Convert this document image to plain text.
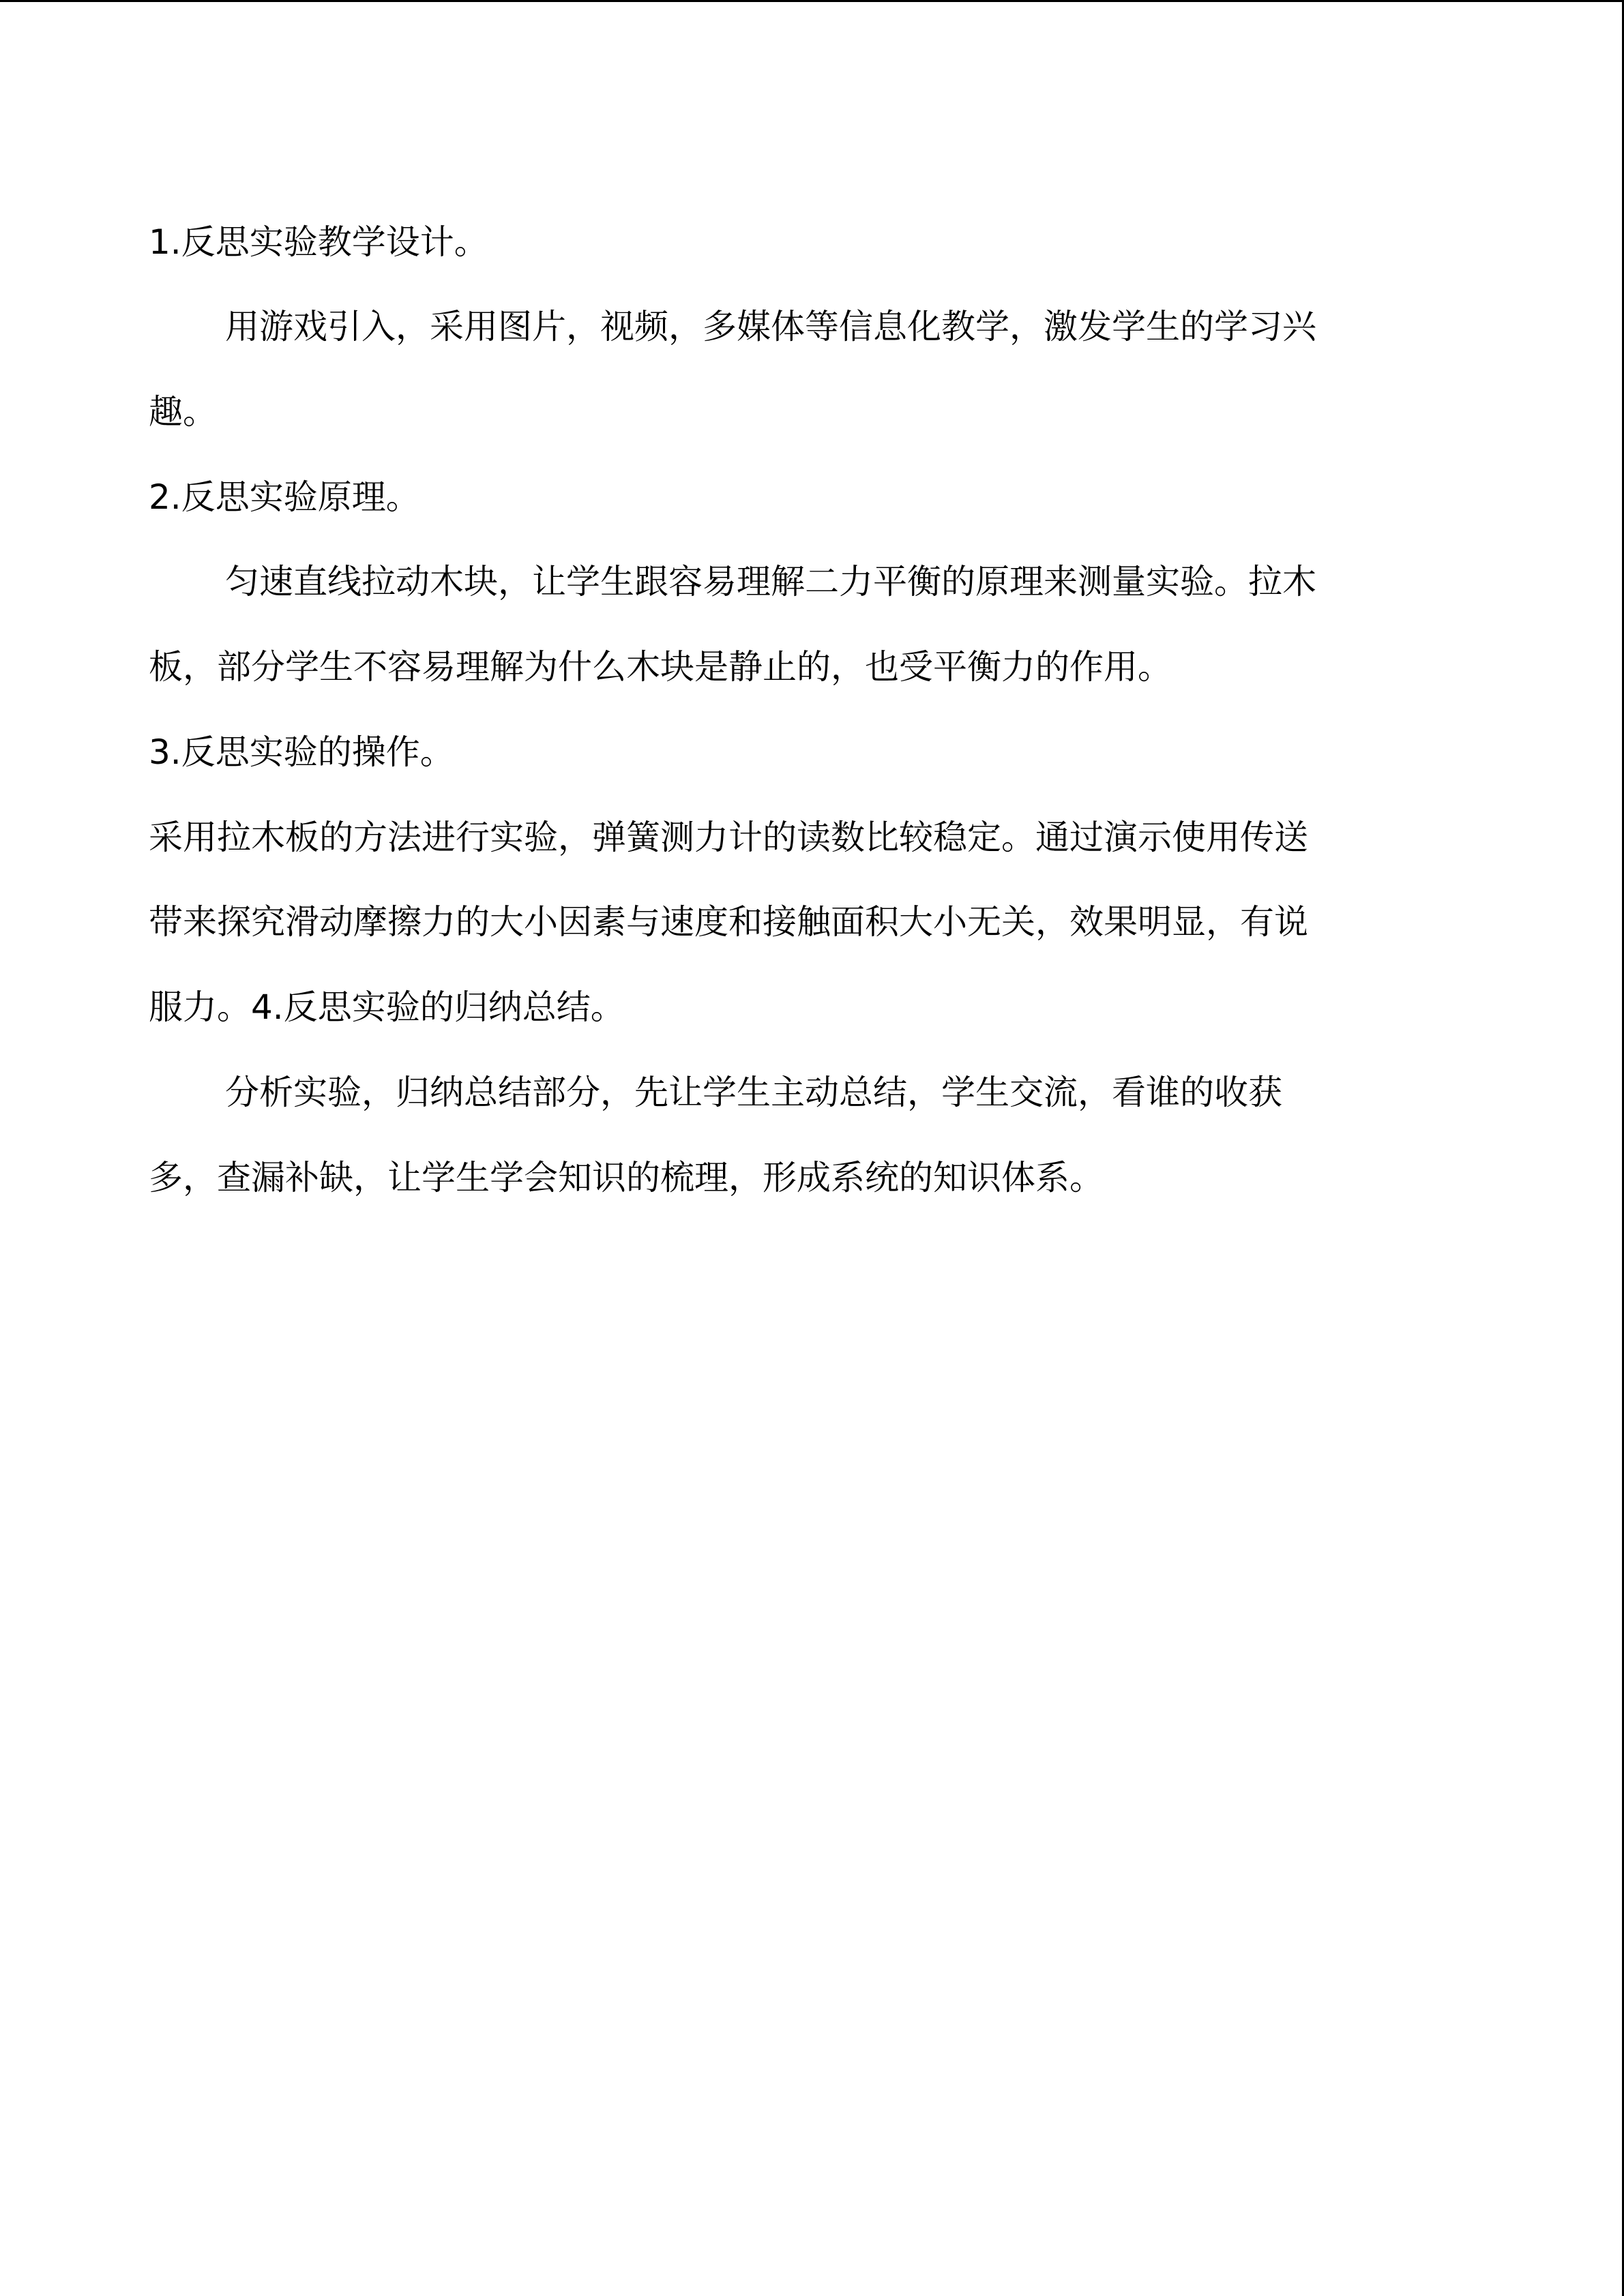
1.反思实验教学设计。
用游戏引入，采用图片，视频，多媒体等信息化教学，激发学生的学习兴
趣。
2.反思实验原理。
匀速直线拉动木块，让学生跟容易理解二力平衡的原理来测量实验。拉木
板，部分学生不容易理解为什么木块是静止的，也受平衡力的作用。
3.反思实验的操作。
采用拉木板的方法进行实验，弹簧测力计的读数比较稳定。通过演示使用传送
带来探究滑动摩擦力的大小因素与速度和接触面积大小无关，效果明显，有说
服力。4.反思实验的归纳总结。
分析实验，归纳总结部分，先让学生主动总结，学生交流，看谁的收获
多，查漏补缺，让学生学会知识的梳理，形成系统的知识体系。
